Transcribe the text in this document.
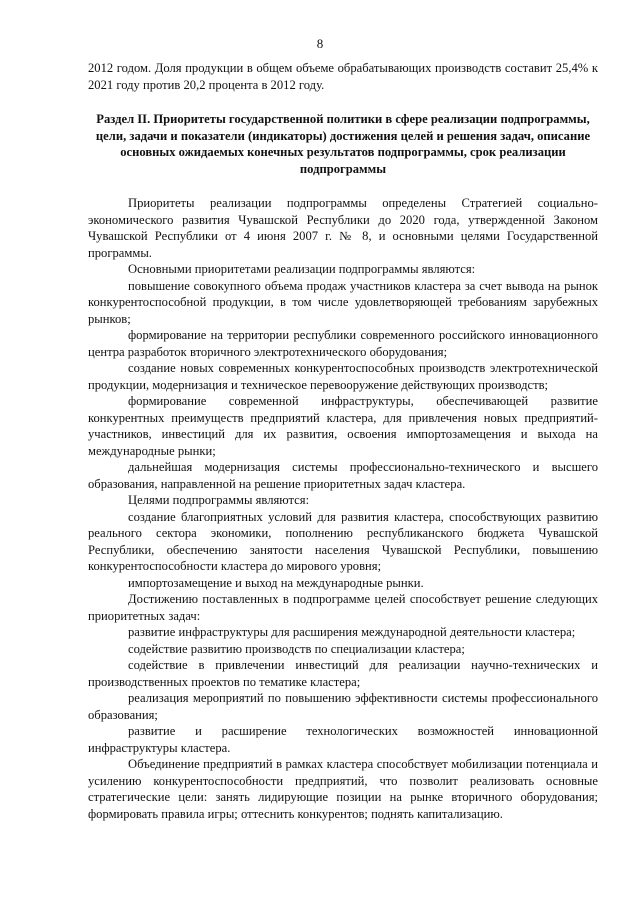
8

2012 годом. Доля продукции в общем объеме обрабатывающих производств составит 25,4% к 2021 году против 20,2 процента в 2012 году.

Раздел II. Приоритеты государственной политики в сфере реализации подпрограммы, цели, задачи и показатели (индикаторы) достижения целей и решения задач, описание основных ожидаемых конечных результатов подпрограммы, срок реализации подпрограммы

Приоритеты реализации подпрограммы определены Стратегией социально-экономического развития Чувашской Республики до 2020 года, утвержденной Законом Чувашской Республики от 4 июня 2007 г. № 8, и основными целями Государственной программы.

Основными приоритетами реализации подпрограммы являются:

повышение совокупного объема продаж участников кластера за счет вывода на рынок конкурентоспособной продукции, в том числе удовлетворяющей требованиям зарубежных рынков;

формирование на территории республики современного российского инновационного центра разработок вторичного электротехнического оборудования;

создание новых современных конкурентоспособных производств электротехнической продукции, модернизация и техническое перевооружение действующих производств;

формирование современной инфраструктуры, обеспечивающей развитие конкурентных преимуществ предприятий кластера, для привлечения новых предприятий-участников, инвестиций для их развития, освоения импортозамещения и выхода на международные рынки;

дальнейшая модернизация системы профессионально-технического и высшего образования, направленной на решение приоритетных задач кластера.

Целями подпрограммы являются:

создание благоприятных условий для развития кластера, способствующих развитию реального сектора экономики, пополнению республиканского бюджета Чувашской Республики, обеспечению занятости населения Чувашской Республики, повышению конкурентоспособности кластера до мирового уровня;

импортозамещение и выход на международные рынки.

Достижению поставленных в подпрограмме целей способствует решение следующих приоритетных задач:

развитие инфраструктуры для расширения международной деятельности кластера;

содействие развитию производств по специализации кластера;

содействие в привлечении инвестиций для реализации научно-технических и производственных проектов по тематике кластера;

реализация мероприятий по повышению эффективности системы профессионального образования;

развитие и расширение технологических возможностей инновационной инфраструктуры кластера.

Объединение предприятий в рамках кластера способствует мобилизации потенциала и усилению конкурентоспособности предприятий, что позволит реализовать основные стратегические цели: занять лидирующие позиции на рынке вторичного оборудования; формировать правила игры; оттеснить конкурентов; поднять капитализацию.
